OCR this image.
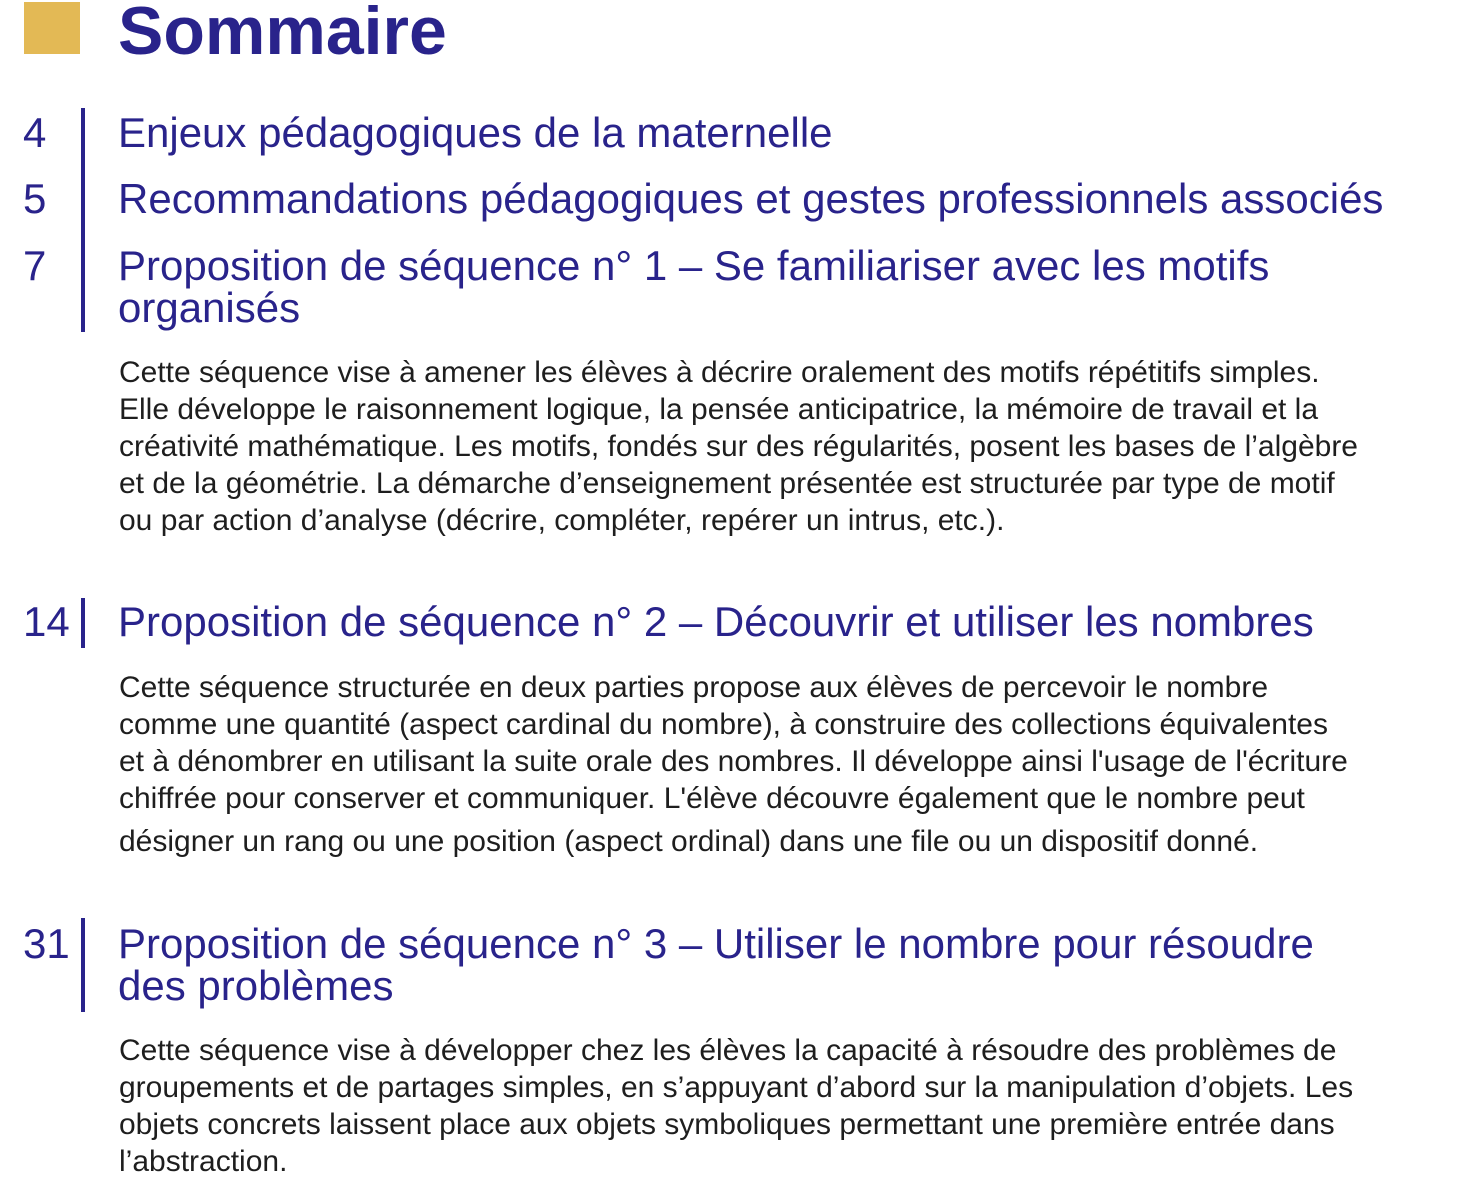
Sommaire
4 Enjeux pédagogiques de la maternelle
5 Recommandations pédagogiques et gestes professionnels associés
7 Proposition de séquence n° 1 – Se familiariser avec les motifs
organisés
Cette séquence vise à amener les élèves à décrire oralement des motifs répétitifs simples.
Elle développe le raisonnement logique, la pensée anticipatrice, la mémoire de travail et la
créativité mathématique. Les motifs, fondés sur des régularités, posent les bases de l’algèbre
et de la géométrie. La démarche d’enseignement présentée est structurée par type de motif
ou par action d’analyse (décrire, compléter, repérer un intrus, etc.).
14 Proposition de séquence n° 2 – Découvrir et utiliser les nombres
Cette séquence structurée en deux parties propose aux élèves de percevoir le nombre
comme une quantité (aspect cardinal du nombre), à construire des collections équivalentes
et à dénombrer en utilisant la suite orale des nombres. Il développe ainsi l'usage de l'écriture
chiffrée pour conserver et communiquer. L'élève découvre également que le nombre peut
désigner un rang ou une position (aspect ordinal) dans une file ou un dispositif donné.
31 Proposition de séquence n° 3 – Utiliser le nombre pour résoudre
des problèmes
Cette séquence vise à développer chez les élèves la capacité à résoudre des problèmes de
groupements et de partages simples, en s’appuyant d’abord sur la manipulation d’objets. Les
objets concrets laissent place aux objets symboliques permettant une première entrée dans
l’abstraction.
